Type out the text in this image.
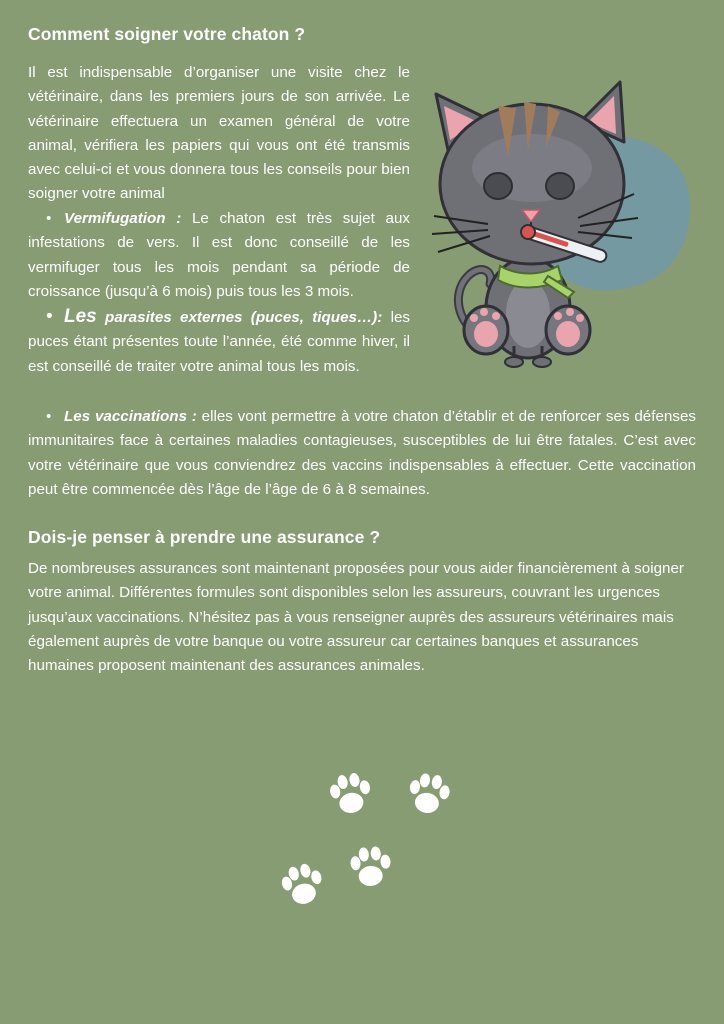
Comment soigner votre chaton ?

Il est indispensable d’organiser une visite chez le vétérinaire, dans les premiers jours de son arrivée. Le vétérinaire effectuera un examen général de votre animal, vérifiera les papiers qui vous ont été transmis avec celui-ci et vous donnera tous les conseils pour bien soigner votre animal

• Vermifugation : Le chaton est très sujet aux infestations de vers. Il est donc conseillé de les vermifuger tous les mois pendant sa période de croissance (jusqu’à 6 mois) puis tous les 3 mois.

• Les parasites externes (puces, tiques…): les puces étant présentes toute l’année, été comme hiver, il est conseillé de traiter votre animal tous les mois.

• Les vaccinations : elles vont permettre à votre chaton d’établir et de renforcer ses défenses immunitaires face à certaines maladies contagieuses, susceptibles de lui être fatales. C’est avec votre vétérinaire que vous conviendrez des vaccins indispensables à effectuer. Cette vaccination peut être commencée dès l’âge de l’âge de 6 à 8 semaines.

Dois-je penser à prendre une assurance ?

De nombreuses assurances sont maintenant proposées pour vous aider financièrement à soigner votre animal. Différentes formules sont disponibles selon les assureurs, couvrant les urgences jusqu’aux vaccinations. N’hésitez pas à vous renseigner auprès des assureurs vétérinaires mais également auprès de votre banque ou votre assureur car certaines banques et assurances humaines proposent maintenant des assurances animales.
